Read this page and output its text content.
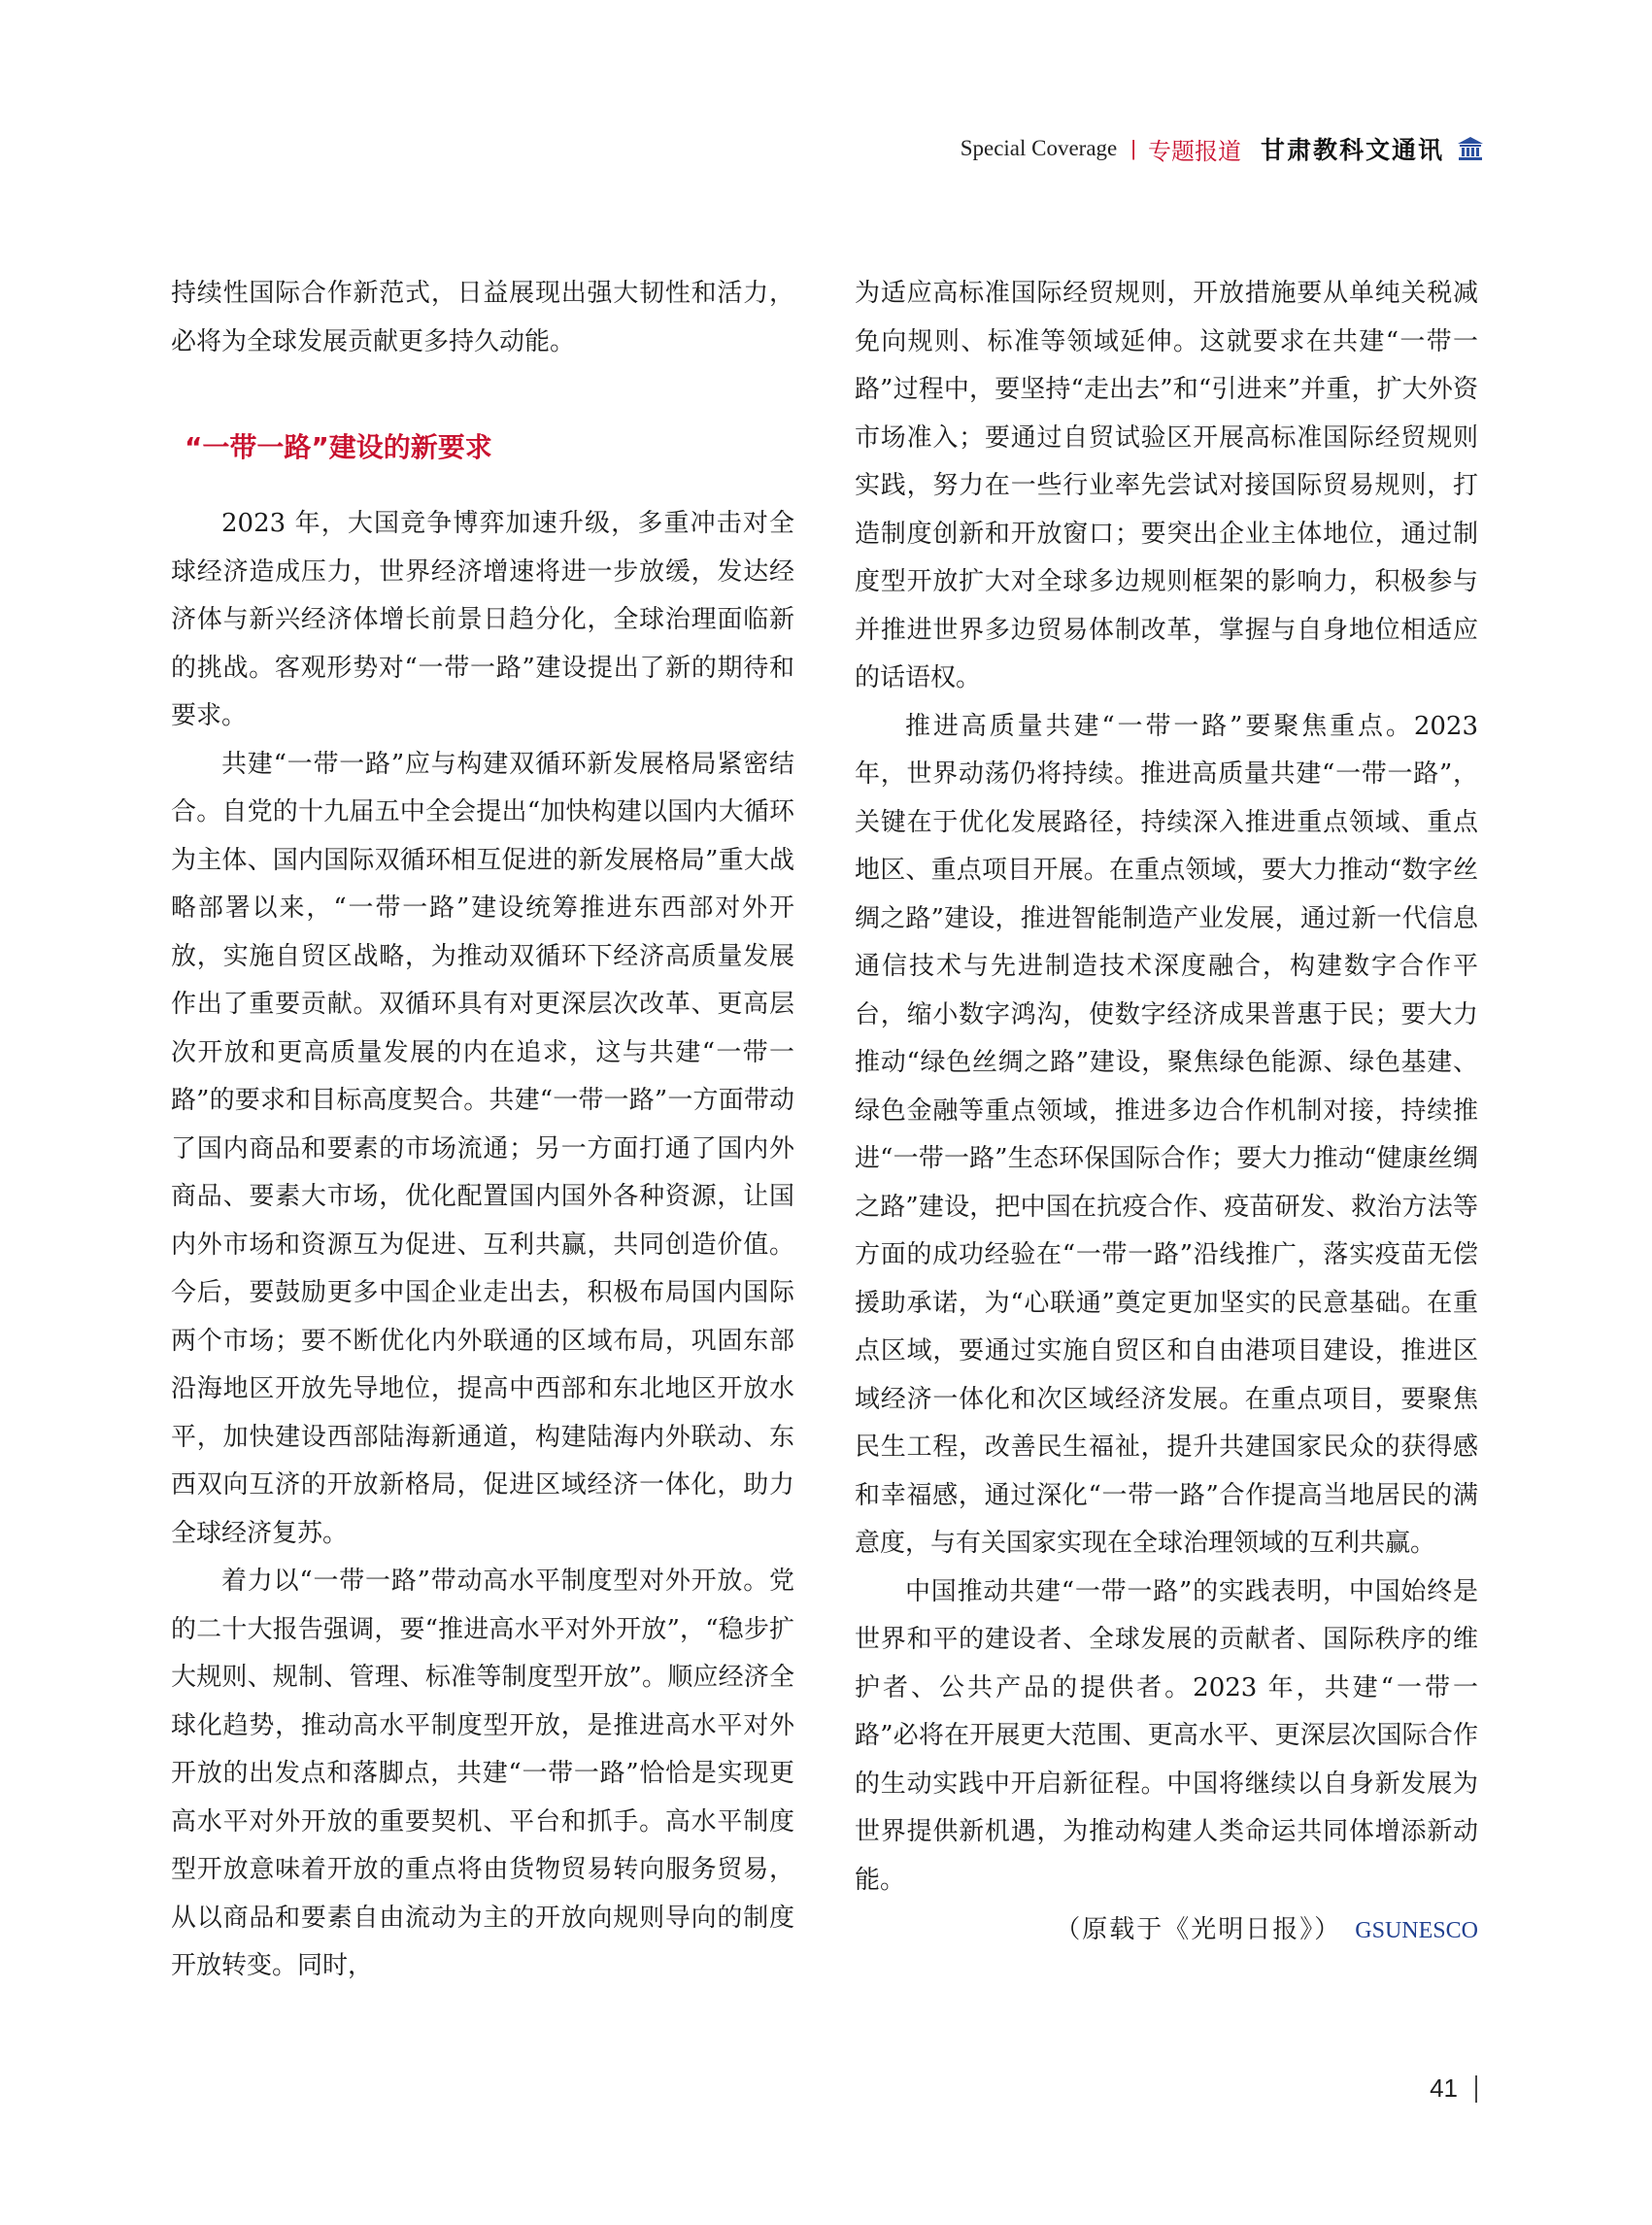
Special Coverage | 专题报道 甘肃教科文通讯

持续性国际合作新范式，日益展现出强大韧性和活力，必将为全球发展贡献更多持久动能。

“一带一路”建设的新要求

2023 年，大国竞争博弈加速升级，多重冲击对全球经济造成压力，世界经济增速将进一步放缓，发达经济体与新兴经济体增长前景日趋分化，全球治理面临新的挑战。客观形势对“一带一路”建设提出了新的期待和要求。

共建“一带一路”应与构建双循环新发展格局紧密结合。自党的十九届五中全会提出“加快构建以国内大循环为主体、国内国际双循环相互促进的新发展格局”重大战略部署以来，“一带一路”建设统筹推进东西部对外开放，实施自贸区战略，为推动双循环下经济高质量发展作出了重要贡献。双循环具有对更深层次改革、更高层次开放和更高质量发展的内在追求，这与共建“一带一路”的要求和目标高度契合。共建“一带一路”一方面带动了国内商品和要素的市场流通；另一方面打通了国内外商品、要素大市场，优化配置国内国外各种资源，让国内外市场和资源互为促进、互利共赢，共同创造价值。今后，要鼓励更多中国企业走出去，积极布局国内国际两个市场；要不断优化内外联通的区域布局，巩固东部沿海地区开放先导地位，提高中西部和东北地区开放水平，加快建设西部陆海新通道，构建陆海内外联动、东西双向互济的开放新格局，促进区域经济一体化，助力全球经济复苏。

着力以“一带一路”带动高水平制度型对外开放。党的二十大报告强调，要“推进高水平对外开放”，“稳步扩大规则、规制、管理、标准等制度型开放”。顺应经济全球化趋势，推动高水平制度型开放，是推进高水平对外开放的出发点和落脚点，共建“一带一路”恰恰是实现更高水平对外开放的重要契机、平台和抓手。高水平制度型开放意味着开放的重点将由货物贸易转向服务贸易，从以商品和要素自由流动为主的开放向规则导向的制度开放转变。同时，

为适应高标准国际经贸规则，开放措施要从单纯关税减免向规则、标准等领域延伸。这就要求在共建“一带一路”过程中，要坚持“走出去”和“引进来”并重，扩大外资市场准入；要通过自贸试验区开展高标准国际经贸规则实践，努力在一些行业率先尝试对接国际贸易规则，打造制度创新和开放窗口；要突出企业主体地位，通过制度型开放扩大对全球多边规则框架的影响力，积极参与并推进世界多边贸易体制改革，掌握与自身地位相适应的话语权。

推进高质量共建“一带一路”要聚焦重点。2023 年，世界动荡仍将持续。推进高质量共建“一带一路”，关键在于优化发展路径，持续深入推进重点领域、重点地区、重点项目开展。在重点领域，要大力推动“数字丝绸之路”建设，推进智能制造产业发展，通过新一代信息通信技术与先进制造技术深度融合，构建数字合作平台，缩小数字鸿沟，使数字经济成果普惠于民；要大力推动“绿色丝绸之路”建设，聚焦绿色能源、绿色基建、绿色金融等重点领域，推进多边合作机制对接，持续推进“一带一路”生态环保国际合作；要大力推动“健康丝绸之路”建设，把中国在抗疫合作、疫苗研发、救治方法等方面的成功经验在“一带一路”沿线推广，落实疫苗无偿援助承诺，为“心联通”奠定更加坚实的民意基础。在重点区域，要通过实施自贸区和自由港项目建设，推进区域经济一体化和次区域经济发展。在重点项目，要聚焦民生工程，改善民生福祉，提升共建国家民众的获得感和幸福感，通过深化“一带一路”合作提高当地居民的满意度，与有关国家实现在全球治理领域的互利共赢。

中国推动共建“一带一路”的实践表明，中国始终是世界和平的建设者、全球发展的贡献者、国际秩序的维护者、公共产品的提供者。2023 年，共建“一带一路”必将在开展更大范围、更高水平、更深层次国际合作的生动实践中开启新征程。中国将继续以自身新发展为世界提供新机遇，为推动构建人类命运共同体增添新动能。

（原载于《光明日报》） GSUNESCO
41
